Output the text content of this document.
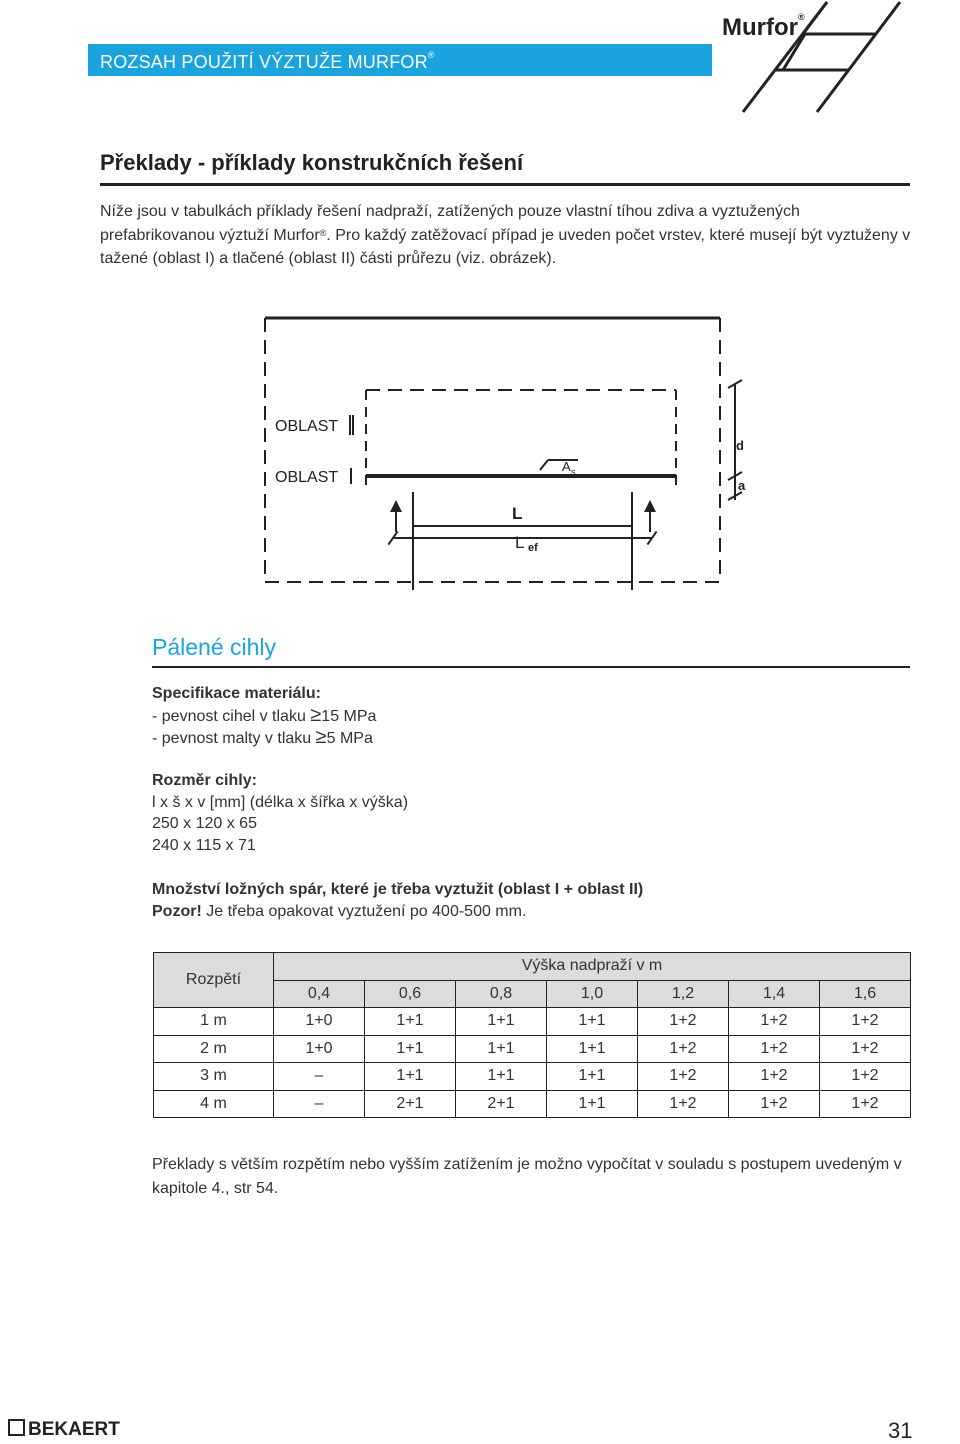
ROZSAH POUŽITÍ VÝZTUŽE MURFOR®
Murfor®
Překlady - příklady konstrukčních řešení
Níže jsou v tabulkách příklady řešení nadpraží, zatížených pouze vlastní tíhou zdiva a vyztužených prefabrikovanou výztuží Murfor®. Pro každý zatěžovací případ je uveden počet vrstev, které musejí být vyztuženy v tažené (oblast I) a tlačené (oblast II) části průřezu (viz. obrázek).
OBLAST
OBLAST
A s
L
L ef
d
a
Pálené cihly
Specifikace materiálu:
- pevnost cihel v tlaku ≥15 MPa
- pevnost malty v tlaku ≥5 MPa
Rozměr cihly:
l x š x v [mm] (délka x šířka x výška)
250 x 120 x 65
240 x 115 x 71
Množství ložných spár, které je třeba vyztužit (oblast I + oblast II)
Pozor! Je třeba opakovat vyztužení po 400-500 mm.
Rozpětí	Výška nadpraží v m						
	0,4	0,6	0,8	1,0	1,2	1,4	1,6
1 m	1+0	1+1	1+1	1+1	1+2	1+2	1+2
2 m	1+0	1+1	1+1	1+1	1+2	1+2	1+2
3 m	–	1+1	1+1	1+1	1+2	1+2	1+2
4 m	–	2+1	2+1	1+1	1+2	1+2	1+2
Překlady s větším rozpětím nebo vyšším zatížením je možno vypočítat v souladu s postupem uvedeným v kapitole 4., str 54.
BEKAERT	31
